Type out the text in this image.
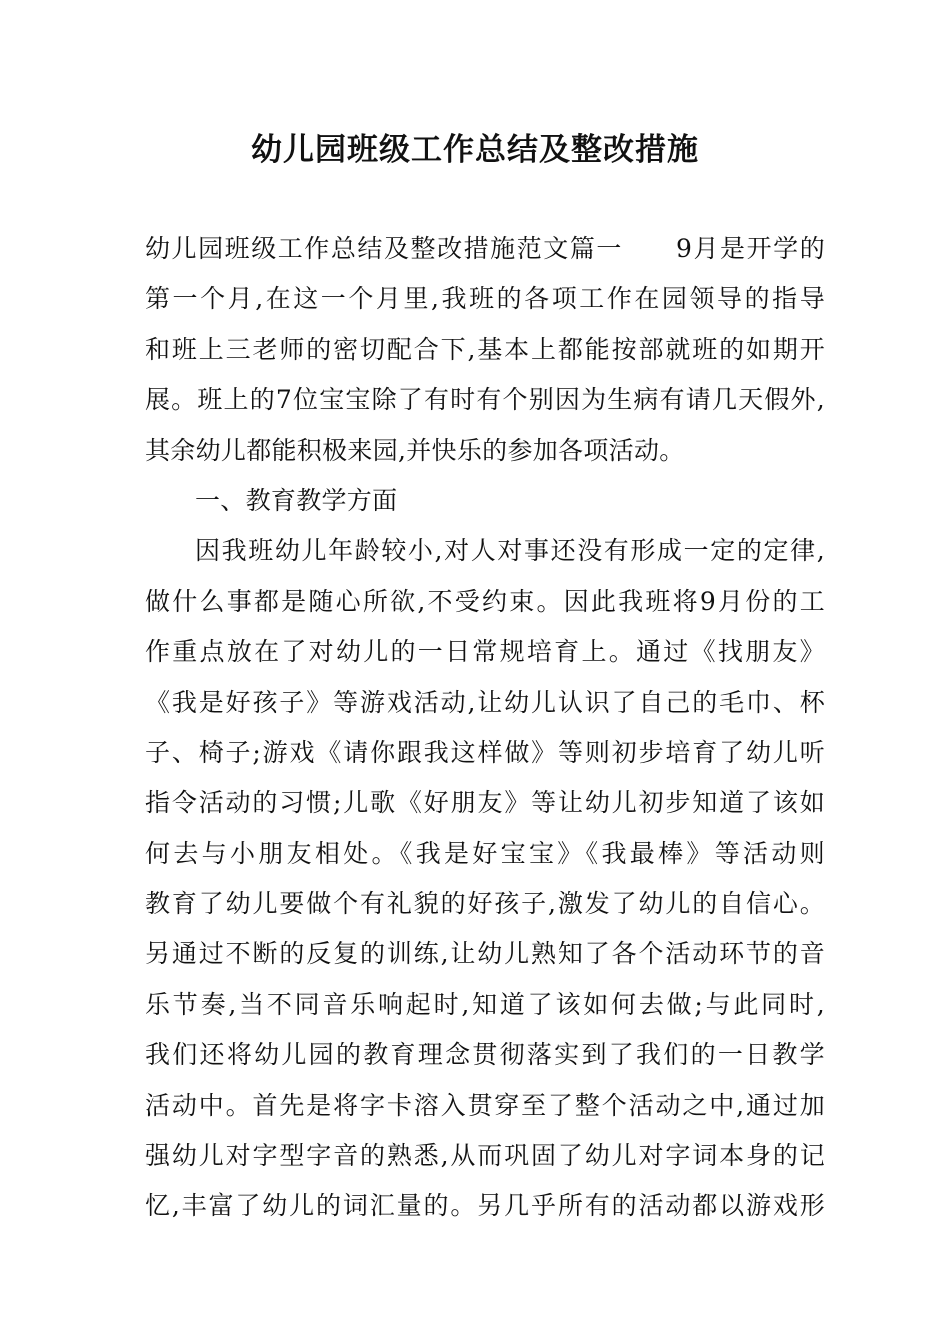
幼儿园班级工作总结及整改措施
幼儿园班级工作总结及整改措施范文篇一　　9月是开学的
第一个月,在这一个月里,我班的各项工作在园领导的指导
和班上三老师的密切配合下,基本上都能按部就班的如期开
展。班上的7位宝宝除了有时有个别因为生病有请几天假外,
其余幼儿都能积极来园,并快乐的参加各项活动。
一、教育教学方面
因我班幼儿年龄较小,对人对事还没有形成一定的定律,
做什么事都是随心所欲,不受约束。因此我班将9月份的工
作重点放在了对幼儿的一日常规培育上。通过《找朋友》
《我是好孩子》等游戏活动,让幼儿认识了自己的毛巾、杯
子、椅子;游戏《请你跟我这样做》等则初步培育了幼儿听
指令活动的习惯;儿歌《好朋友》等让幼儿初步知道了该如
何去与小朋友相处。《我是好宝宝》《我最棒》等活动则
教育了幼儿要做个有礼貌的好孩子,激发了幼儿的自信心。
另通过不断的反复的训练,让幼儿熟知了各个活动环节的音
乐节奏,当不同音乐响起时,知道了该如何去做;与此同时,
我们还将幼儿园的教育理念贯彻落实到了我们的一日教学
活动中。首先是将字卡溶入贯穿至了整个活动之中,通过加
强幼儿对字型字音的熟悉,从而巩固了幼儿对字词本身的记
忆,丰富了幼儿的词汇量的。另几乎所有的活动都以游戏形
